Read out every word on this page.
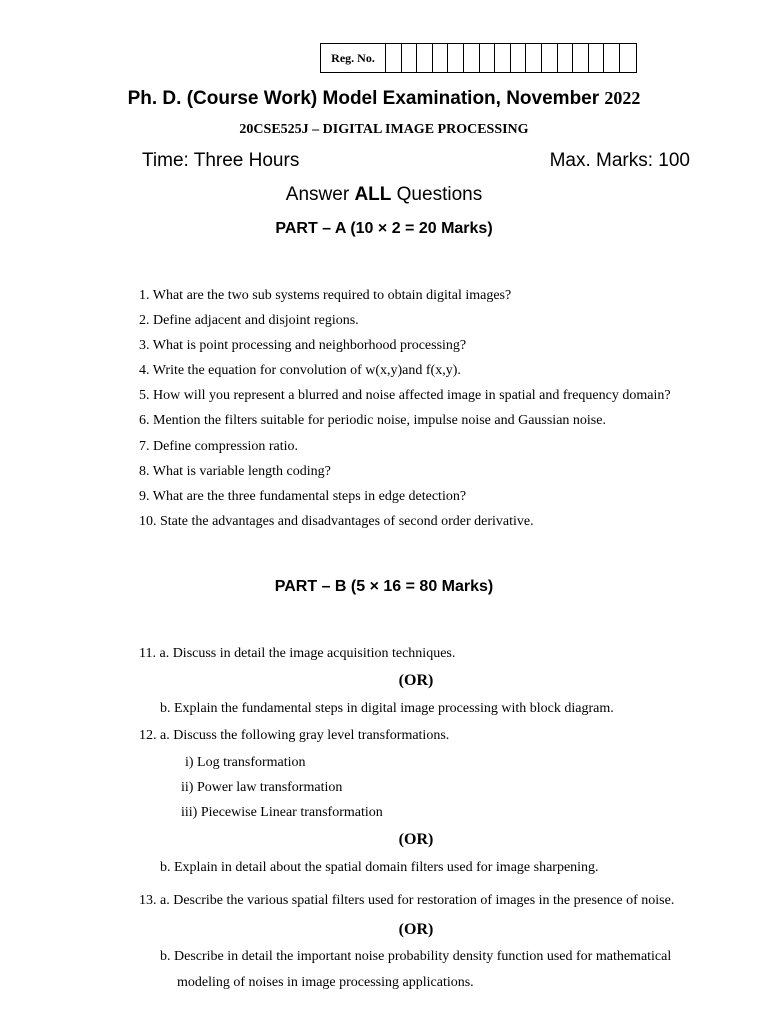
Reg. No.
Ph. D. (Course Work) Model Examination, November 2022
20CSE525J – DIGITAL IMAGE PROCESSING
Time: Three Hours	Max. Marks: 100
Answer ALL Questions
PART – A (10 × 2 = 20 Marks)
1. What are the two sub systems required to obtain digital images?
2. Define adjacent and disjoint regions.
3. What is point processing and neighborhood processing?
4. Write the equation for convolution of w(x,y)and f(x,y).
5. How will you represent a blurred and noise affected image in spatial and frequency domain?
6. Mention the filters suitable for periodic noise, impulse noise and Gaussian noise.
7. Define compression ratio.
8. What is variable length coding?
9. What are the three fundamental steps in edge detection?
10. State the advantages and disadvantages of second order derivative.
PART – B (5 × 16 = 80 Marks)
11. a. Discuss in detail the image acquisition techniques.
(OR)
b. Explain the fundamental steps in digital image processing with block diagram.
12. a. Discuss the following gray level transformations.
i) Log transformation
ii) Power law transformation
iii) Piecewise Linear transformation
(OR)
b. Explain in detail about the spatial domain filters used for image sharpening.
13. a. Describe the various spatial filters used for restoration of images in the presence of noise.
(OR)
b. Describe in detail the important noise probability density function used for mathematical
modeling of noises in image processing applications.
